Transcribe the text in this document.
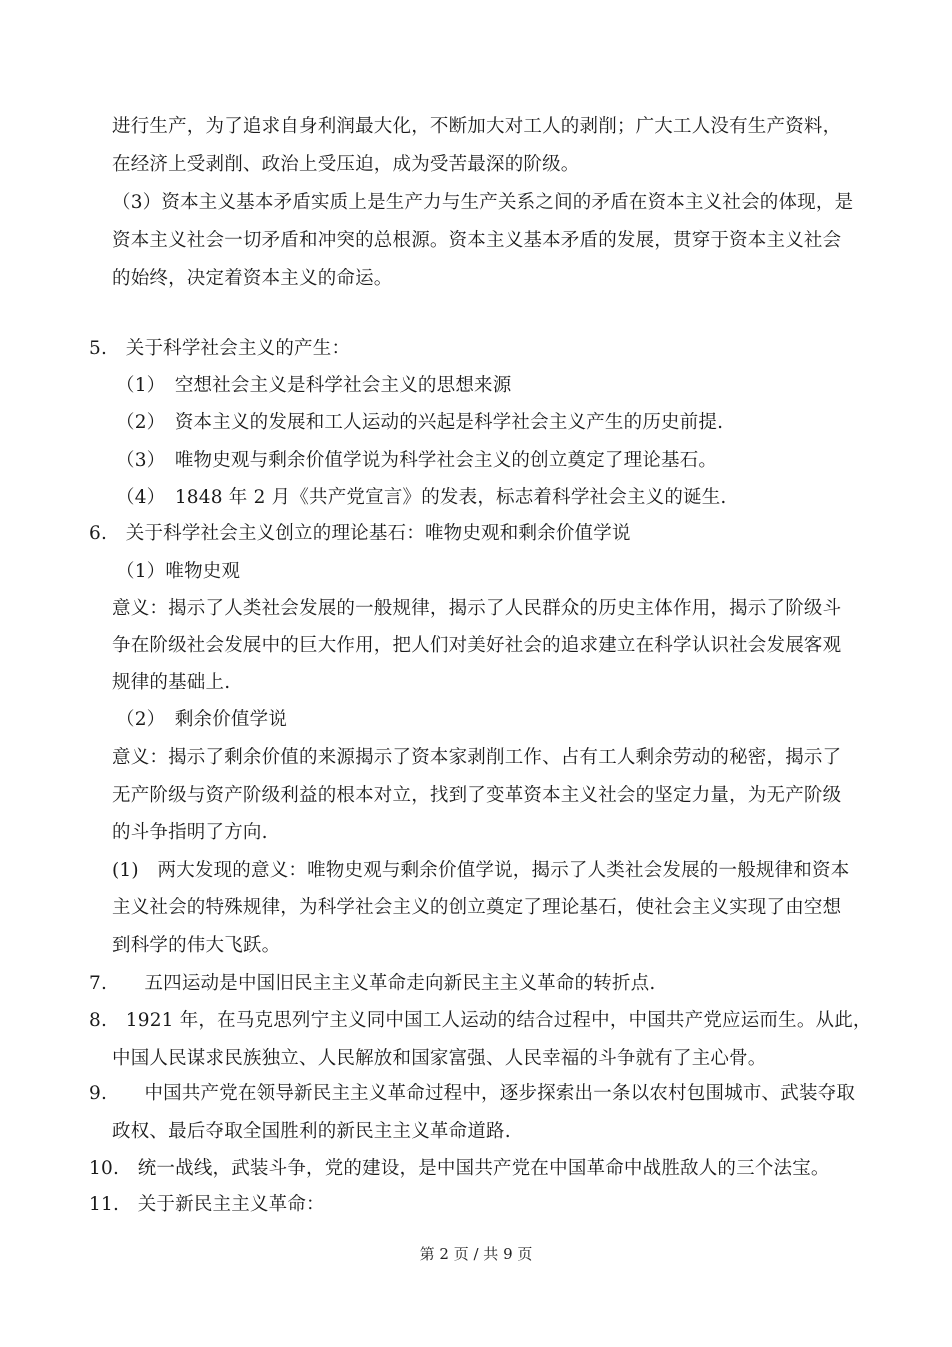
进行生产，为了追求自身利润最大化，不断加大对工人的剥削；广大工人没有生产资料，
在经济上受剥削、政治上受压迫，成为受苦最深的阶级。
（3）资本主义基本矛盾实质上是生产力与生产关系之间的矛盾在资本主义社会的体现，是
资本主义社会一切矛盾和冲突的总根源。资本主义基本矛盾的发展，贯穿于资本主义社会
的始终，决定着资本主义的命运。
5.　关于科学社会主义的产生：
（1）　空想社会主义是科学社会主义的思想来源
（2）　资本主义的发展和工人运动的兴起是科学社会主义产生的历史前提.
（3）　唯物史观与剩余价值学说为科学社会主义的创立奠定了理论基石。
（4）　1848 年 2 月《共产党宣言》的发表，标志着科学社会主义的诞生.
6.　关于科学社会主义创立的理论基石：唯物史观和剩余价值学说
（1）唯物史观
意义：揭示了人类社会发展的一般规律，揭示了人民群众的历史主体作用，揭示了阶级斗
争在阶级社会发展中的巨大作用，把人们对美好社会的追求建立在科学认识社会发展客观
规律的基础上.
（2）　剩余价值学说
意义：揭示了剩余价值的来源揭示了资本家剥削工作、占有工人剩余劳动的秘密，揭示了
无产阶级与资产阶级利益的根本对立，找到了变革资本主义社会的坚定力量，为无产阶级
的斗争指明了方向.
(1)　两大发现的意义：唯物史观与剩余价值学说，揭示了人类社会发展的一般规律和资本
主义社会的特殊规律，为科学社会主义的创立奠定了理论基石，使社会主义实现了由空想
到科学的伟大飞跃。
7.　　五四运动是中国旧民主主义革命走向新民主主义革命的转折点.
8.　1921 年，在马克思列宁主义同中国工人运动的结合过程中，中国共产党应运而生。从此，
中国人民谋求民族独立、人民解放和国家富强、人民幸福的斗争就有了主心骨。
9.　　中国共产党在领导新民主主义革命过程中，逐步探索出一条以农村包围城市、武装夺取
政权、最后夺取全国胜利的新民主主义革命道路.
10.　统一战线，武装斗争，党的建设，是中国共产党在中国革命中战胜敌人的三个法宝。
11.　关于新民主主义革命：
第 2 页 / 共 9 页
